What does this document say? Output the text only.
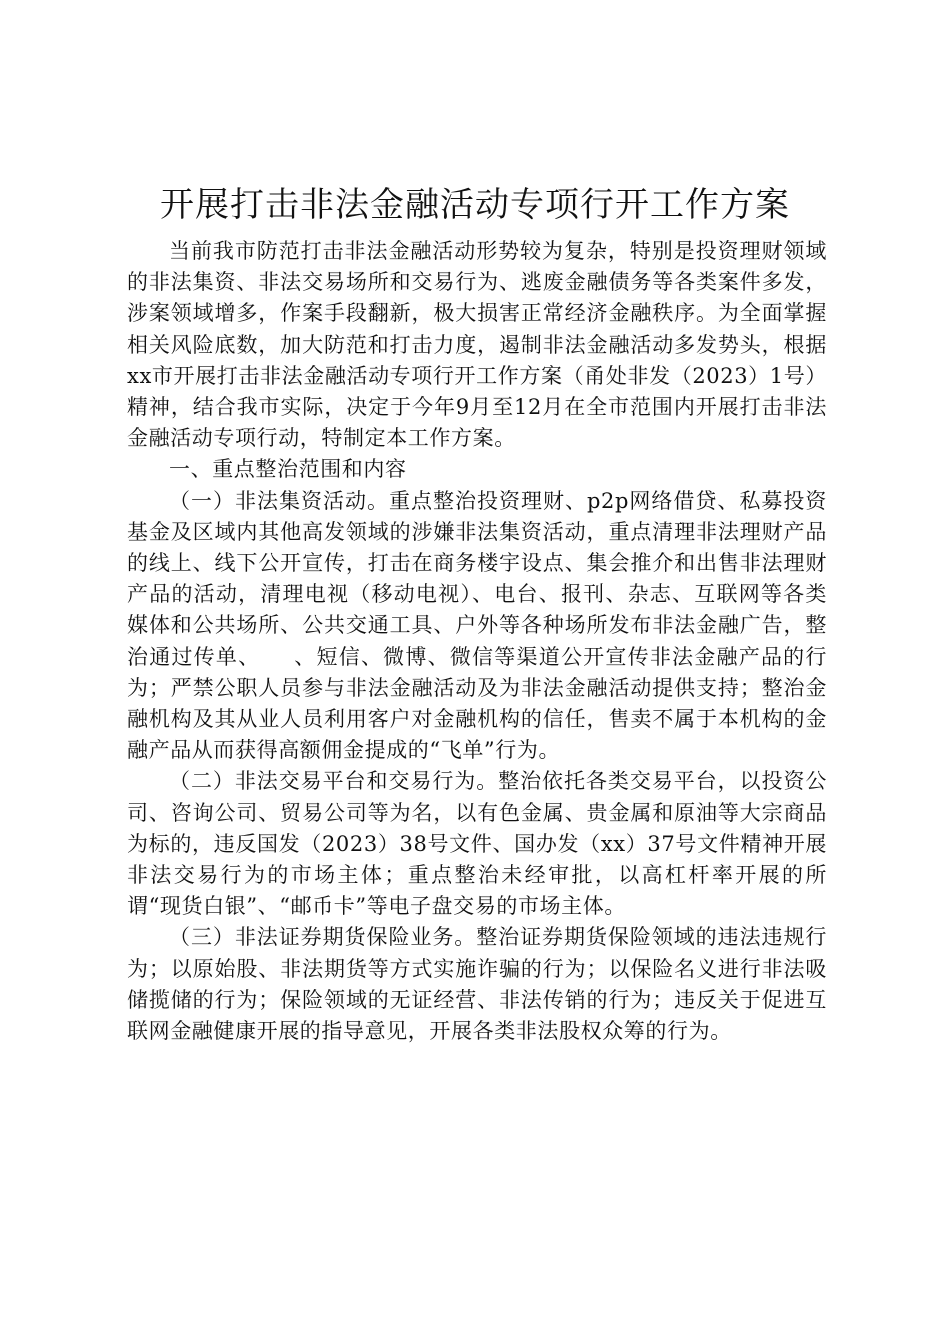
开展打击非法金融活动专项行开工作方案

当前我市防范打击非法金融活动形势较为复杂，特别是投资理财领域的非法集资、非法交易场所和交易行为、逃废金融债务等各类案件多发，涉案领域增多，作案手段翻新，极大损害正常经济金融秩序。为全面掌握相关风险底数，加大防范和打击力度，遏制非法金融活动多发势头，根据xx市开展打击非法金融活动专项行开工作方案（甬处非发（2023）1号）精神，结合我市实际，决定于今年9月至12月在全市范围内开展打击非法金融活动专项行动，特制定本工作方案。

一、重点整治范围和内容

（一）非法集资活动。重点整治投资理财、p2p网络借贷、私募投资基金及区域内其他高发领域的涉嫌非法集资活动，重点清理非法理财产品的线上、线下公开宣传，打击在商务楼宇设点、集会推介和出售非法理财产品的活动，清理电视（移动电视）、电台、报刊、杂志、互联网等各类媒体和公共场所、公共交通工具、户外等各种场所发布非法金融广告，整治通过传单、　　、短信、微博、微信等渠道公开宣传非法金融产品的行为；严禁公职人员参与非法金融活动及为非法金融活动提供支持；整治金融机构及其从业人员利用客户对金融机构的信任，售卖不属于本机构的金融产品从而获得高额佣金提成的“飞单”行为。

（二）非法交易平台和交易行为。整治依托各类交易平台，以投资公司、咨询公司、贸易公司等为名，以有色金属、贵金属和原油等大宗商品为标的，违反国发（2023）38号文件、国办发（xx）37号文件精神开展非法交易行为的市场主体；重点整治未经审批，以高杠杆率开展的所谓“现货白银”、“邮币卡”等电子盘交易的市场主体。

（三）非法证券期货保险业务。整治证券期货保险领域的违法违规行为；以原始股、非法期货等方式实施诈骗的行为；以保险名义进行非法吸储揽储的行为；保险领域的无证经营、非法传销的行为；违反关于促进互联网金融健康开展的指导意见，开展各类非法股权众筹的行为。
